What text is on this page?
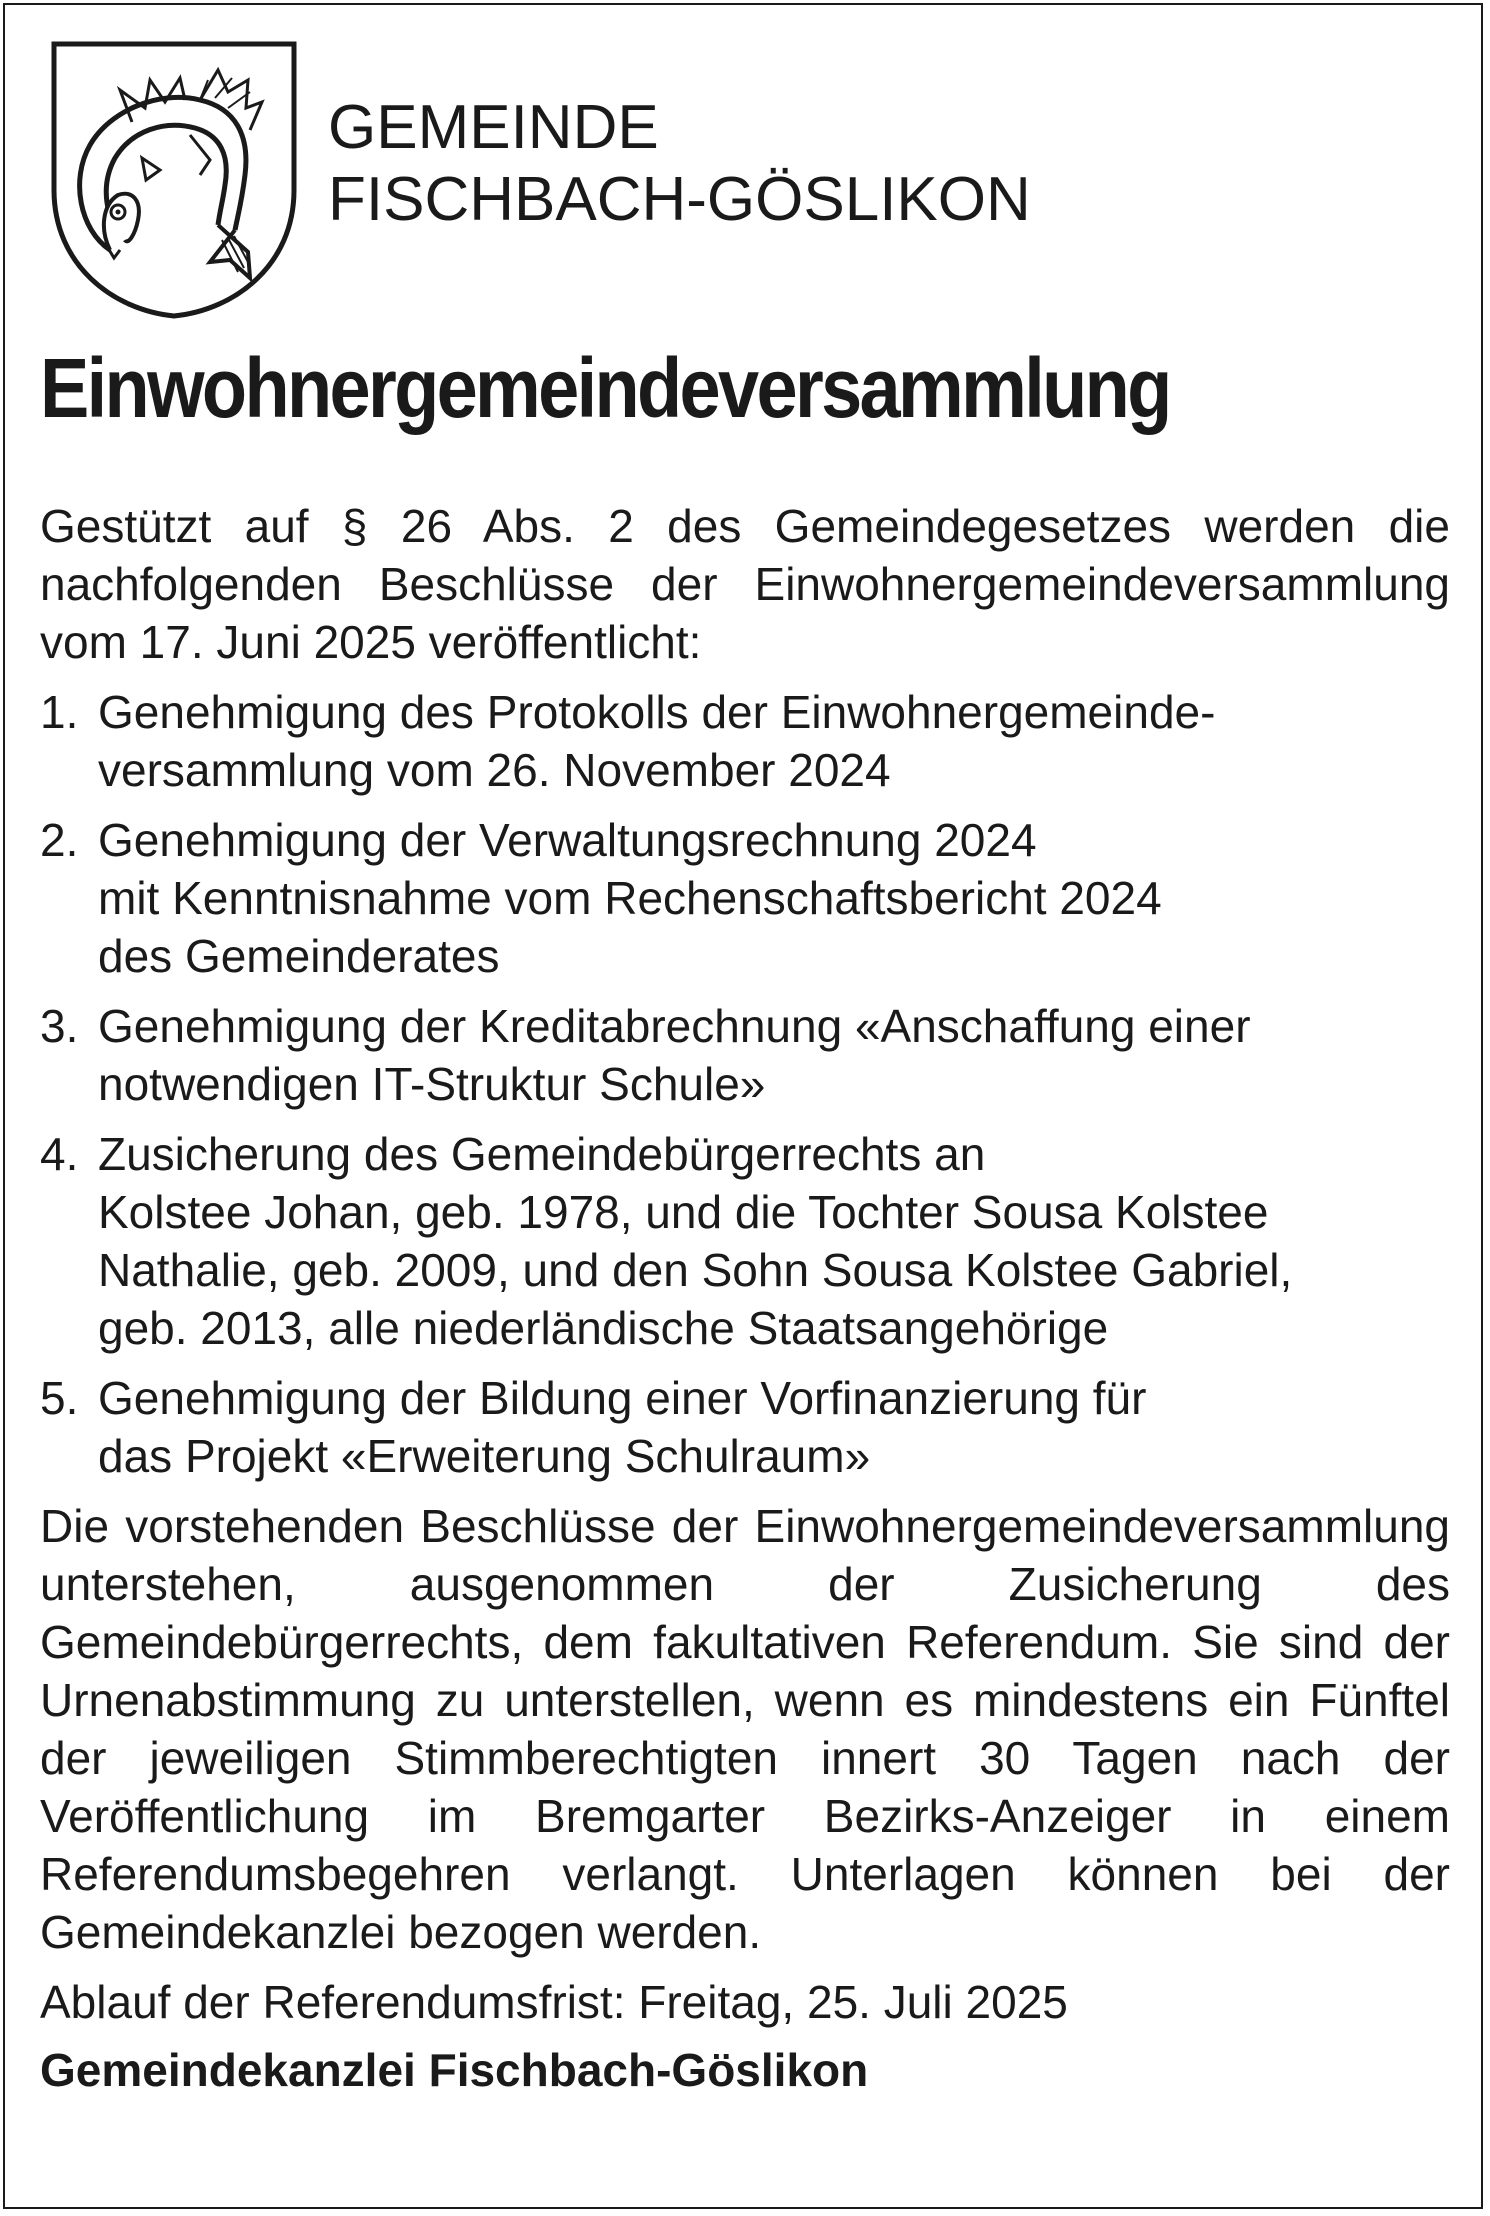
GEMEINDE
FISCHBACH-GÖSLIKON
Einwohnergemeindeversammlung

Gestützt auf § 26 Abs. 2 des Gemeindegesetzes werden die nachfolgenden Beschlüsse der Einwohnergemeindeversammlung vom 17. Juni 2025 veröffentlicht:

1. Genehmigung des Protokolls der Einwohnergemeinde-
versammlung vom 26. November 2024
2. Genehmigung der Verwaltungsrechnung 2024
mit Kenntnisnahme vom Rechenschaftsbericht 2024
des Gemeinderates
3. Genehmigung der Kreditabrechnung «Anschaffung einer
notwendigen IT-Struktur Schule»
4. Zusicherung des Gemeindebürgerrechts an
Kolstee Johan, geb. 1978, und die Tochter Sousa Kolstee
Nathalie, geb. 2009, und den Sohn Sousa Kolstee Gabriel,
geb. 2013, alle niederländische Staatsangehörige
5. Genehmigung der Bildung einer Vorfinanzierung für
das Projekt «Erweiterung Schulraum»

Die vorstehenden Beschlüsse der Einwohnergemeindeversammlung unterstehen, ausgenommen der Zusicherung des Gemeindebürgerrechts, dem fakultativen Referendum. Sie sind der Urnenabstimmung zu unterstellen, wenn es mindestens ein Fünftel der jeweiligen Stimmberechtigten innert 30 Tagen nach der Veröffentlichung im Bremgarter Bezirks-Anzeiger in einem Referendumsbegehren verlangt. Unterlagen können bei der Gemeindekanzlei bezogen werden.

Ablauf der Referendumsfrist: Freitag, 25. Juli 2025

Gemeindekanzlei Fischbach-Göslikon
